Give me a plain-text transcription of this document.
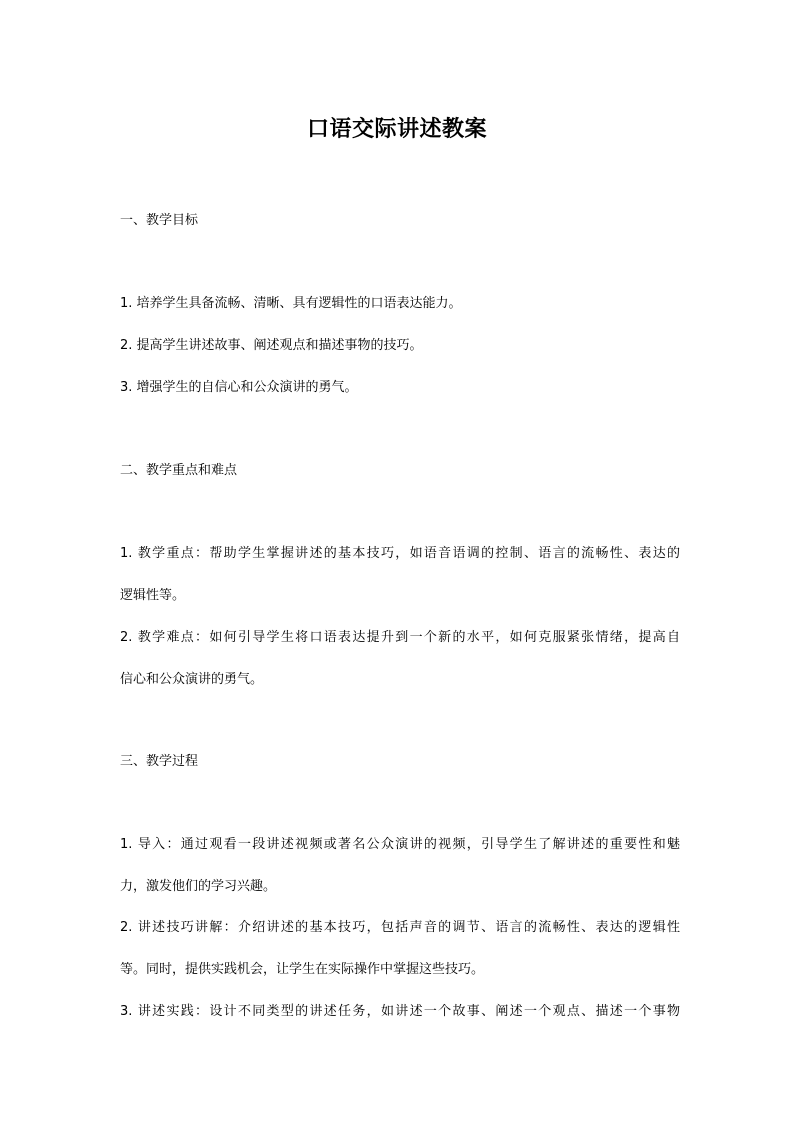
口语交际讲述教案
一、教学目标
1. 培养学生具备流畅、清晰、具有逻辑性的口语表达能力。
2. 提高学生讲述故事、阐述观点和描述事物的技巧。
3. 增强学生的自信心和公众演讲的勇气。
二、教学重点和难点
1. 教学重点：帮助学生掌握讲述的基本技巧，如语音语调的控制、语言的流畅性、表达的
逻辑性等。
2. 教学难点：如何引导学生将口语表达提升到一个新的水平，如何克服紧张情绪，提高自
信心和公众演讲的勇气。
三、教学过程
1. 导入：通过观看一段讲述视频或著名公众演讲的视频，引导学生了解讲述的重要性和魅
力，激发他们的学习兴趣。
2. 讲述技巧讲解：介绍讲述的基本技巧，包括声音的调节、语言的流畅性、表达的逻辑性
等。同时，提供实践机会，让学生在实际操作中掌握这些技巧。
3. 讲述实践：设计不同类型的讲述任务，如讲述一个故事、阐述一个观点、描述一个事物
